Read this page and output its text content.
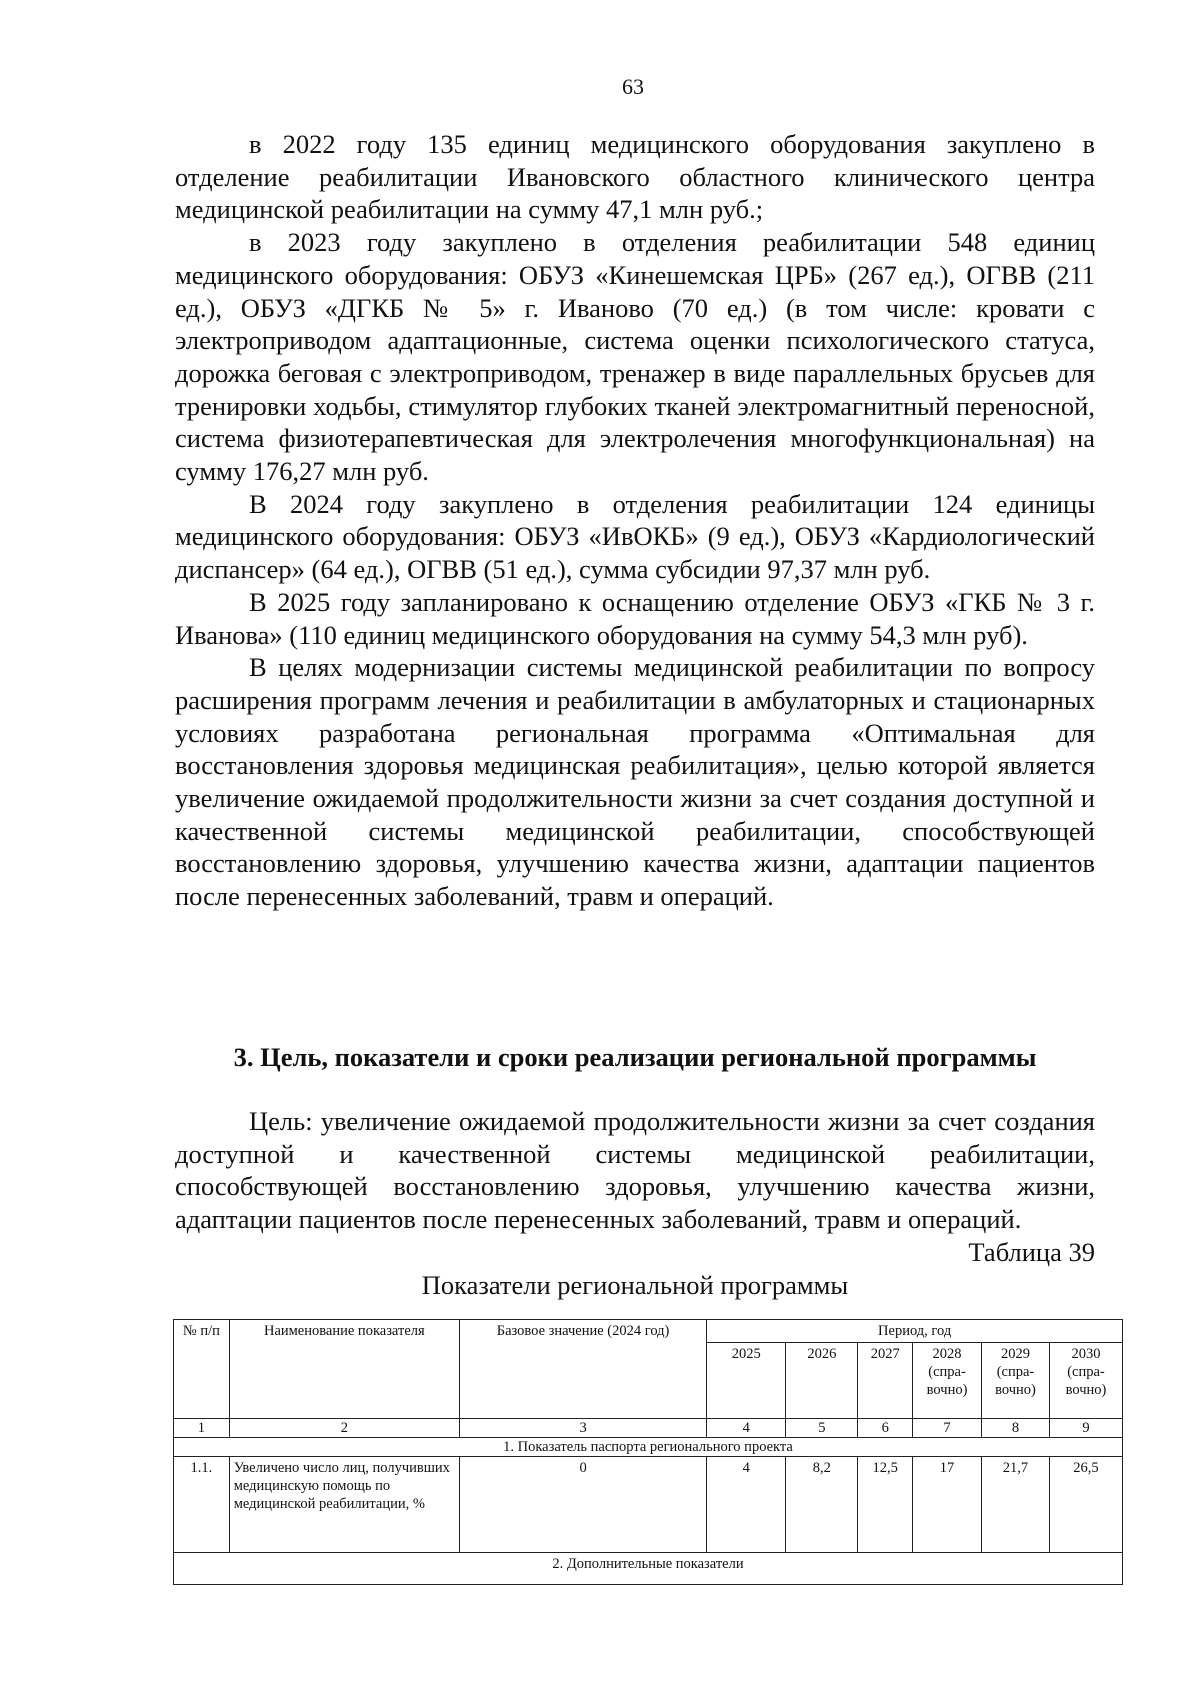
63

в 2022 году 135 единиц медицинского оборудования закуплено в отделение реабилитации Ивановского областного клинического центра медицинской реабилитации на сумму 47,1 млн руб.;

в 2023 году закуплено в отделения реабилитации 548 единиц медицинского оборудования: ОБУЗ «Кинешемская ЦРБ» (267 ед.), ОГВВ (211 ед.), ОБУЗ «ДГКБ № 5» г. Иваново (70 ед.) (в том числе: кровати с электроприводом адаптационные, система оценки психологического статуса, дорожка беговая с электроприводом, тренажер в виде параллельных брусьев для тренировки ходьбы, стимулятор глубоких тканей электромагнитный переносной, система физиотерапевтическая для электролечения многофункциональная) на сумму 176,27 млн руб.

В 2024 году закуплено в отделения реабилитации 124 единицы медицинского оборудования: ОБУЗ «ИвОКБ» (9 ед.), ОБУЗ «Кардиологический диспансер» (64 ед.), ОГВВ (51 ед.), сумма субсидии 97,37 млн руб.

В 2025 году запланировано к оснащению отделение ОБУЗ «ГКБ № 3 г. Иванова» (110 единиц медицинского оборудования на сумму 54,3 млн руб).

В целях модернизации системы медицинской реабилитации по вопросу расширения программ лечения и реабилитации в амбулаторных и стационарных условиях разработана региональная программа «Оптимальная для восстановления здоровья медицинская реабилитация», целью которой является увеличение ожидаемой продолжительности жизни за счет создания доступной и качественной системы медицинской реабилитации, способствующей восстановлению здоровья, улучшению качества жизни, адаптации пациентов после перенесенных заболеваний, травм и операций.

3. Цель, показатели и сроки реализации региональной программы

Цель: увеличение ожидаемой продолжительности жизни за счет создания доступной и качественной системы медицинской реабилитации, способствующей восстановлению здоровья, улучшению качества жизни, адаптации пациентов после перенесенных заболеваний, травм и операций.

Таблица 39
Показатели региональной программы
№ п/п	Наименование показателя	Базовое значение (2024 год)	Период, год					
			2025	2026	2027	2028 (спра-вочно)	2029 (спра-вочно)	2030 (спра-вочно)
1	2	3	4	5	6	7	8	9
1. Показатель паспорта регионального проекта								
1.1.	Увеличено число лиц, получивших медицинскую помощь по медицинской реабилитации, %	0	4	8,2	12,5	17	21,7	26,5
2. Дополнительные показатели								
